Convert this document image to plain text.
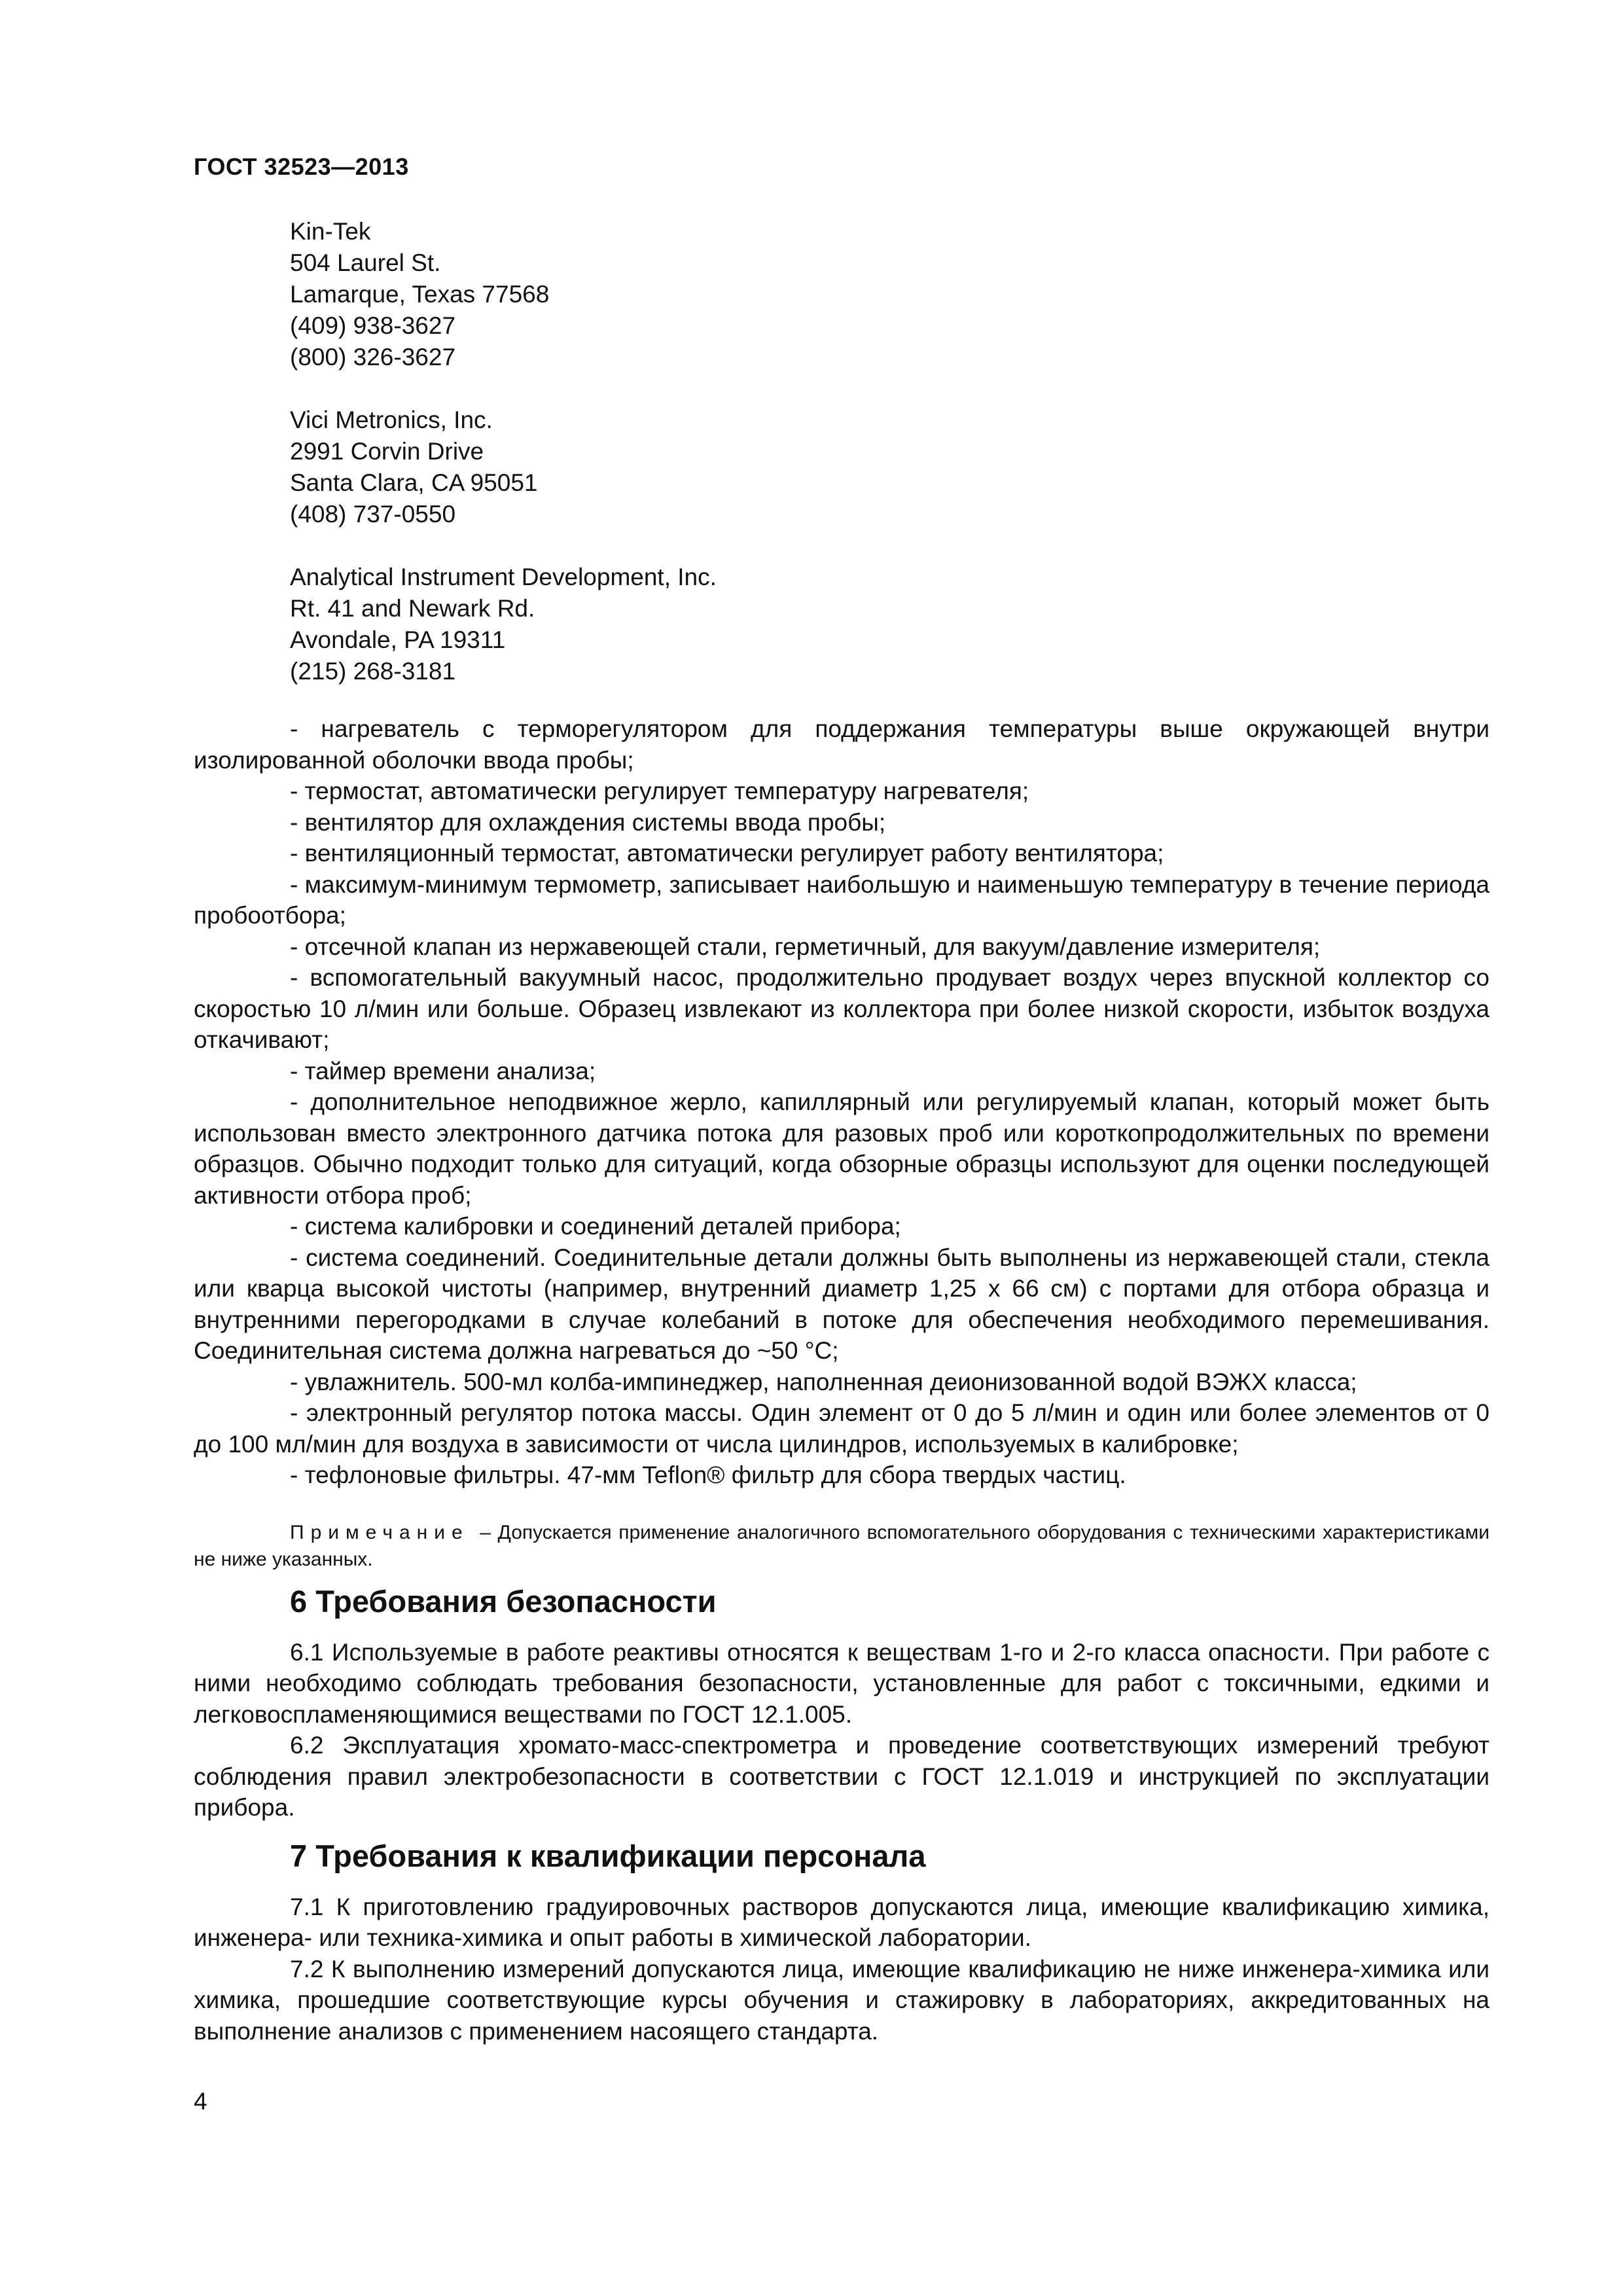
ГОСТ 32523—2013
Kin-Tek
504 Laurel St.
Lamarque, Texas 77568
(409) 938-3627
(800) 326-3627
Vici Metronics, Inc.
2991 Corvin Drive
Santa Clara, CA 95051
(408) 737-0550
Analytical Instrument Development, Inc.
Rt. 41 and Newark Rd.
Avondale, PA 19311
(215) 268-3181

- нагреватель с терморегулятором для поддержания температуры выше окружающей внутри изолированной оболочки ввода пробы;

- термостат, автоматически регулирует температуру нагревателя;

- вентилятор для охлаждения системы ввода пробы;

- вентиляционный термостат, автоматически регулирует работу вентилятора;

- максимум-минимум термометр, записывает наибольшую и наименьшую температуру в течение периода пробоотбора;

- отсечной клапан из нержавеющей стали, герметичный, для вакуум/давление измерителя;

- вспомогательный вакуумный насос, продолжительно продувает воздух через впускной коллектор со скоростью 10 л/мин или больше. Образец извлекают из коллектора при более низкой скорости, избыток воздуха откачивают;

- таймер времени анализа;

- дополнительное неподвижное жерло, капиллярный или регулируемый клапан, который может быть использован вместо электронного датчика потока для разовых проб или короткопродолжительных по времени образцов. Обычно подходит только для ситуаций, когда обзорные образцы используют для оценки последующей активности отбора проб;

- система калибровки и соединений деталей прибора;

- система соединений. Соединительные детали должны быть выполнены из нержавеющей стали, стекла или кварца высокой чистоты (например, внутренний диаметр 1,25 х 66 см) с портами для отбора образца и внутренними перегородками в случае колебаний в потоке для обеспечения необходимого перемешивания. Соединительная система должна нагреваться до ~50 °С;

- увлажнитель. 500-мл колба-импинеджер, наполненная деионизованной водой ВЭЖХ класса;

- электронный регулятор потока массы. Один элемент от 0 до 5 л/мин и один или более элементов от 0 до 100 мл/мин для воздуха в зависимости от числа цилиндров, используемых в калибровке;

- тефлоновые фильтры. 47-мм Teflon® фильтр для сбора твердых частиц.

Примечание – Допускается применение аналогичного вспомогательного оборудования с техническими характеристиками не ниже указанных.

6 Требования безопасности

6.1 Используемые в работе реактивы относятся к веществам 1-го и 2-го класса опасности. При работе с ними необходимо соблюдать требования безопасности, установленные для работ с токсичными, едкими и легковоспламеняющимися веществами по ГОСТ 12.1.005.

6.2 Эксплуатация хромато-масс-спектрометра и проведение соответствующих измерений требуют соблюдения правил электробезопасности в соответствии с ГОСТ 12.1.019 и инструкцией по эксплуатации прибора.

7 Требования к квалификации персонала

7.1 К приготовлению градуировочных растворов допускаются лица, имеющие квалификацию химика, инженера- или техника-химика и опыт работы в химической лаборатории.

7.2 К выполнению измерений допускаются лица, имеющие квалификацию не ниже инженера-химика или химика, прошедшие соответствующие курсы обучения и стажировку в лабораториях, аккредитованных на выполнение анализов с применением насоящего стандарта.

4
